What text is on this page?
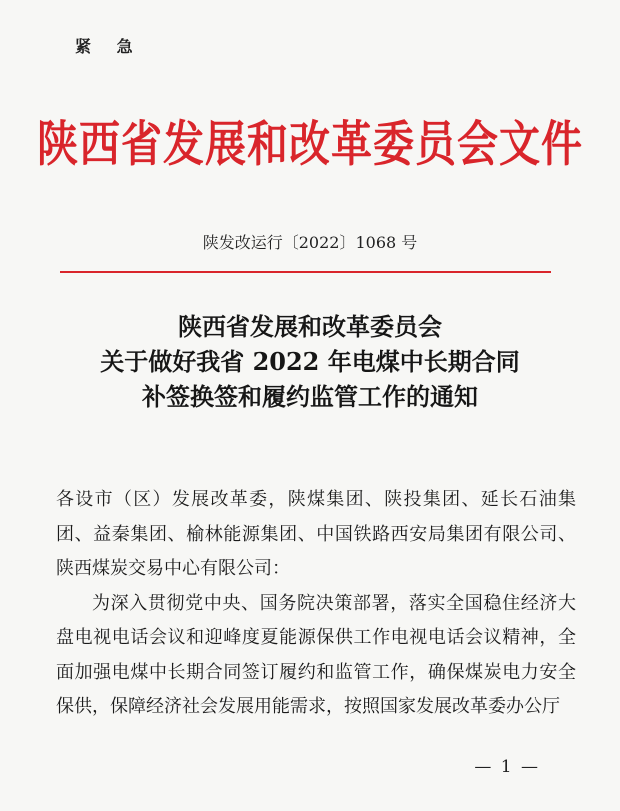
紧 急
陕西省发展和改革委员会文件
陕发改运行〔2022〕1068 号
陕西省发展和改革委员会
关于做好我省 2022 年电煤中长期合同
补签换签和履约监管工作的通知

各设市（区）发展改革委，陕煤集团、陕投集团、延长石油集团、益秦集团、榆林能源集团、中国铁路西安局集团有限公司、陕西煤炭交易中心有限公司：

为深入贯彻党中央、国务院决策部署，落实全国稳住经济大盘电视电话会议和迎峰度夏能源保供工作电视电话会议精神，全面加强电煤中长期合同签订履约和监管工作，确保煤炭电力安全保供，保障经济社会发展用能需求，按照国家发展改革委办公厅

— 1 —
